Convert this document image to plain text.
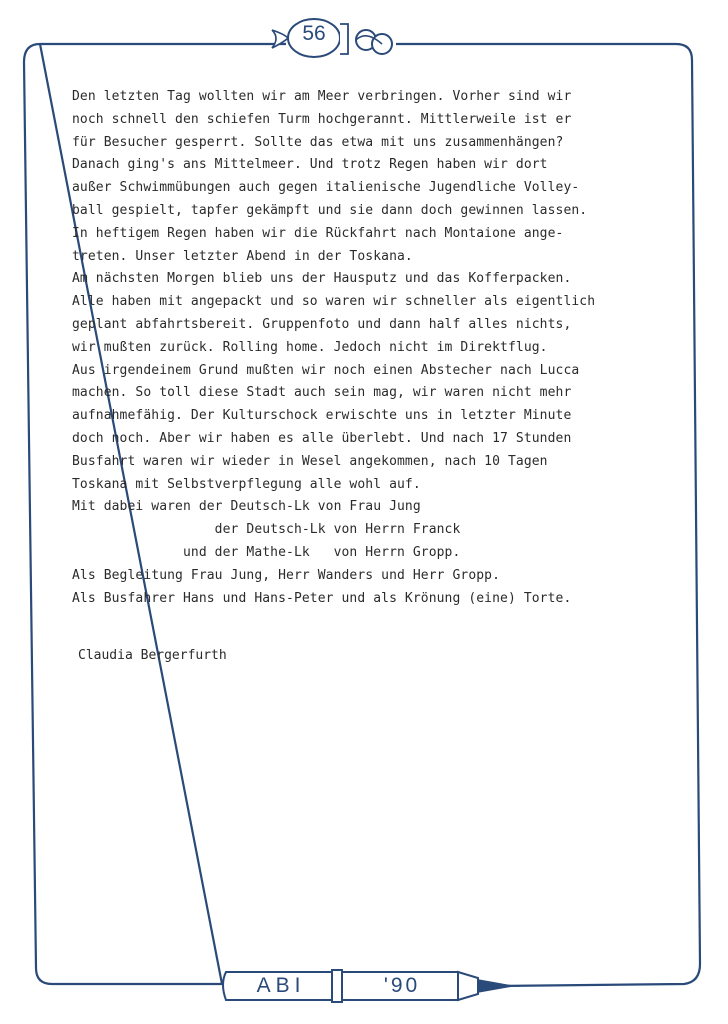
56
Den letzten Tag wollten wir am Meer verbringen. Vorher sind wir
noch schnell den schiefen Turm hochgerannt. Mittlerweile ist er
für Besucher gesperrt. Sollte das etwa mit uns zusammenhängen?
Danach ging's ans Mittelmeer. Und trotz Regen haben wir dort
außer Schwimmübungen auch gegen italienische Jugendliche Volley-
ball gespielt, tapfer gekämpft und sie dann doch gewinnen lassen.
In heftigem Regen haben wir die Rückfahrt nach Montaione ange-
treten. Unser letzter Abend in der Toskana.
Am nächsten Morgen blieb uns der Hausputz und das Kofferpacken.
Alle haben mit angepackt und so waren wir schneller als eigentlich
geplant abfahrtsbereit. Gruppenfoto und dann half alles nichts,
wir mußten zurück. Rolling home. Jedoch nicht im Direktflug.
Aus irgendeinem Grund mußten wir noch einen Abstecher nach Lucca
machen. So toll diese Stadt auch sein mag, wir waren nicht mehr
aufnahmefähig. Der Kulturschock erwischte uns in letzter Minute
doch noch. Aber wir haben es alle überlebt. Und nach 17 Stunden
Busfahrt waren wir wieder in Wesel angekommen, nach 10 Tagen
Toskana mit Selbstverpflegung alle wohl auf.
Mit dabei waren der Deutsch-Lk von Frau Jung
der Deutsch-Lk von Herrn Franck
und der Mathe-Lk   von Herrn Gropp.
Als Begleitung Frau Jung, Herr Wanders und Herr Gropp.
Als Busfahrer Hans und Hans-Peter und als Krönung (eine) Torte.
Claudia Bergerfurth
ABI	'90
